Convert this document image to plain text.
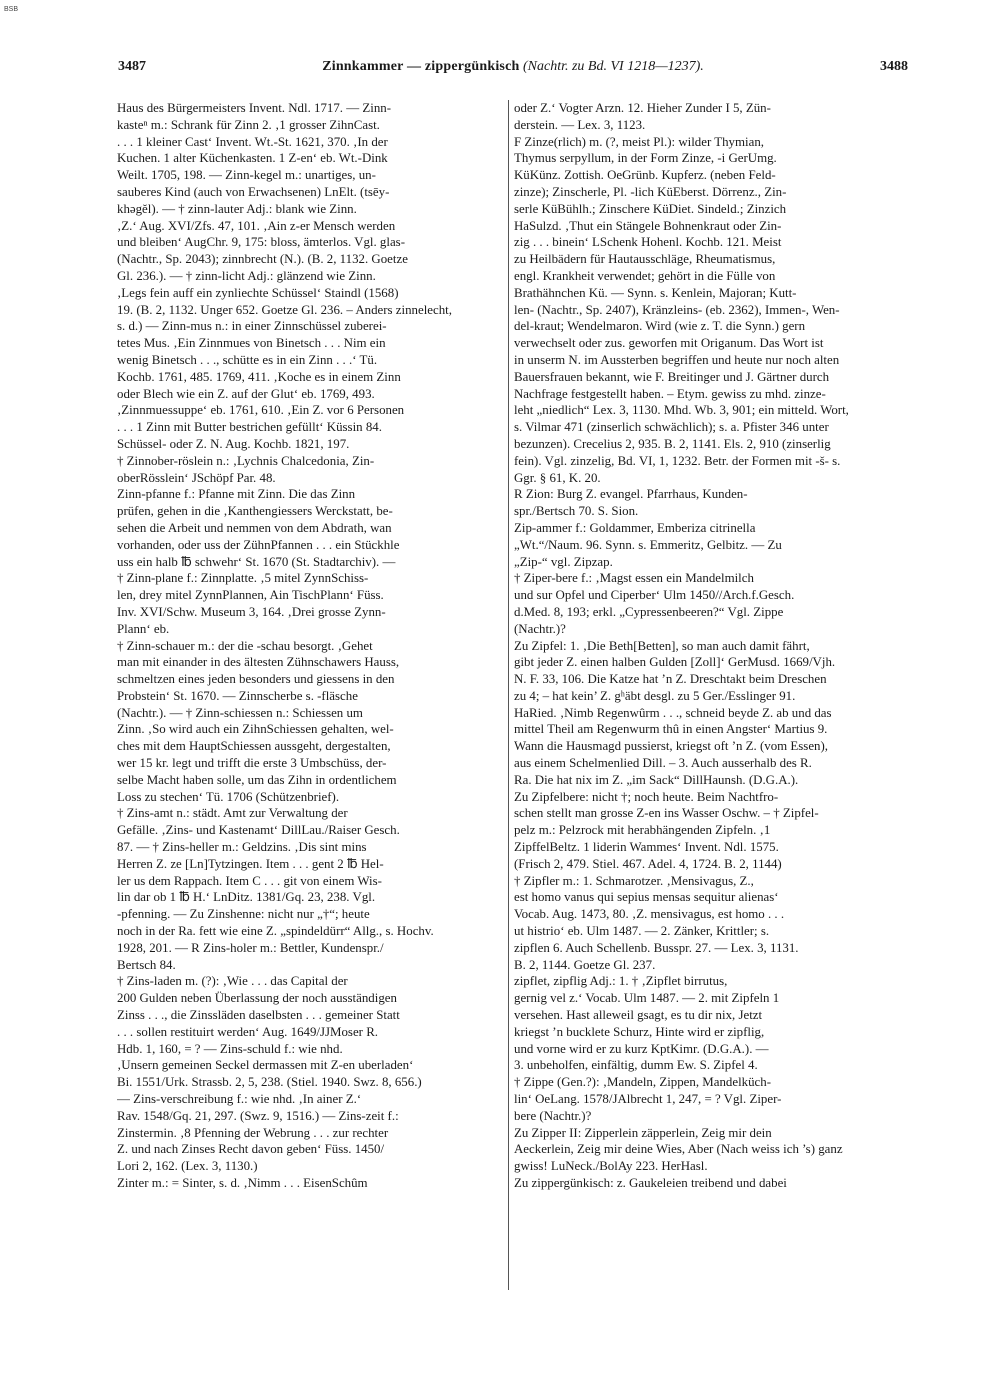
BSB
3487	Zinnkammer — zippergünkisch (Nachtr. zu Bd. VI 1218—1237).	3488
Haus des Bürgermeisters Invent. Ndl. 1717. — Zinn-
kasteⁿ m.: Schrank für Zinn 2. ‚1 grosser ZihnCast.
. . . 1 kleiner Cast‘ Invent. Wt.-St. 1621, 370. ‚In der
Kuchen. 1 alter Küchenkasten. 1 Z-en‘ eb. Wt.-Dink
Weilt. 1705, 198. — Zinn-kegel m.: unartiges, un-
sauberes Kind (auch von Erwachsenen) LnElt. (tsēy-
khəgĕl). — † zinn-lauter Adj.: blank wie Zinn.
‚Z.‘ Aug. XVI/Zfs. 47, 101. ‚Ain z-er Mensch werden
und bleiben‘ AugChr. 9, 175: bloss, ämterlos. Vgl. glas-
(Nachtr., Sp. 2043); zinnbrecht (N.). (B. 2, 1132. Goetze
Gl. 236.). — † zinn-licht Adj.: glänzend wie Zinn.
‚Legs fein auff ein zynliechte Schüssel‘ Staindl (1568)
19. (B. 2, 1132. Unger 652. Goetze Gl. 236. – Anders zinnelecht,
s. d.) — Zinn-mus n.: in einer Zinnschüssel zuberei-
tetes Mus. ‚Ein Zinnmues von Binetsch . . . Nim ein
wenig Binetsch . . ., schütte es in ein Zinn . . .‘ Tü.
Kochb. 1761, 485. 1769, 411. ‚Koche es in einem Zinn
oder Blech wie ein Z. auf der Glut‘ eb. 1769, 493.
‚Zinnmuessuppe‘ eb. 1761, 610. ‚Ein Z. vor 6 Personen
. . . 1 Zinn mit Butter bestrichen gefüllt‘ Küssin 84.
Schüssel- oder Z. N. Aug. Kochb. 1821, 197.
† Zinnober-röslein n.: ‚Lychnis Chalcedonia, Zin-
oberRösslein‘ JSchöpf Par. 48.
Zinn-pfanne f.: Pfanne mit Zinn. Die das Zinn
prüfen, gehen in die ‚Kanthengiessers Werckstatt, be-
sehen die Arbeit und nemmen von dem Abdrath, wan
vorhanden, oder uss der ZühnPfannen . . . ein Stückhle
uss ein halb ℔ schwehr‘ St. 1670 (St. Stadtarchiv). —
† Zinn-plane f.: Zinnplatte. ‚5 mitel ZynnSchiss-
len, drey mitel ZynnPlannen, Ain TischPlann‘ Füss.
Inv. XVI/Schw. Museum 3, 164. ‚Drei grosse Zynn-
Plann‘ eb.
† Zinn-schauer m.: der die -schau besorgt. ‚Gehet
man mit einander in des ältesten Zühnschawers Hauss,
schmeltzen eines jeden besonders und giessens in den
Probstein‘ St. 1670. — Zinnscherbe s. -fläsche
(Nachtr.). — † Zinn-schiessen n.: Schiessen um
Zinn. ‚So wird auch ein ZihnSchiessen gehalten, wel-
ches mit dem HauptSchiessen aussgeht, dergestalten,
wer 15 kr. legt und trifft die erste 3 Umbschüss, der-
selbe Macht haben solle, um das Zihn in ordentlichem
Loss zu stechen‘ Tü. 1706 (Schützenbrief).
† Zins-amt n.: städt. Amt zur Verwaltung der
Gefälle. ‚Zins- und Kastenamt‘ DillLau./Raiser Gesch.
87. — † Zins-heller m.: Geldzins. ‚Dis sint mins
Herren Z. ze [Ln]Tytzingen. Item . . . gent 2 ℔ Hel-
ler us dem Rappach. Item C . . . git von einem Wis-
lin dar ob 1 ℔ H.‘ LnDitz. 1381/Gq. 23, 238. Vgl.
-pfenning. — Zu Zinshenne: nicht nur „†“; heute
noch in der Ra. fett wie eine Z. „spindeldürr“ Allg., s. Hochv.
1928, 201. — R Zins-holer m.: Bettler, Kundenspr./
Bertsch 84.
† Zins-laden m. (?): ‚Wie . . . das Capital der
200 Gulden neben Überlassung der noch ausständigen
Zinss . . ., die Zinssläden daselbsten . . . gemeiner Statt
. . . sollen restituirt werden‘ Aug. 1649/JJMoser R.
Hdb. 1, 160, = ? — Zins-schuld f.: wie nhd.
‚Unsern gemeinen Seckel dermassen mit Z-en uberladen‘
Bi. 1551/Urk. Strassb. 2, 5, 238. (Stiel. 1940. Swz. 8, 656.)
— Zins-verschreibung f.: wie nhd. ‚In ainer Z.‘
Rav. 1548/Gq. 21, 297. (Swz. 9, 1516.) — Zins-zeit f.:
Zinstermin. ‚8 Pfenning der Webrung . . . zur rechter
Z. und nach Zinses Recht davon geben‘ Füss. 1450/
Lori 2, 162. (Lex. 3, 1130.)
Zinter m.: = Sinter, s. d. ‚Nimm . . . EisenSchûm
oder Z.‘ Vogter Arzn. 12. Hieher Zunder I 5, Zün-
derstein. — Lex. 3, 1123.
F Zinze(rlich) m. (?, meist Pl.): wilder Thymian,
Thymus serpyllum, in der Form Zinze, -i GerUmg.
KüKünz. Zottish. OeGrünb. Kupferz. (neben Feld-
zinze); Zinscherle, Pl. -lich KüEberst. Dörrenz., Zin-
serle KüBühlh.; Zinschere KüDiet. Sindeld.; Zinzich
HaSulzd. ‚Thut ein Stängele Bohnenkraut oder Zin-
zig . . . binein‘ LSchenk Hohenl. Kochb. 121. Meist
zu Heilbädern für Hautausschläge, Rheumatismus,
engl. Krankheit verwendet; gehört in die Fülle von
Brathähnchen Kü. — Synn. s. Kenlein, Majoran; Kutt-
len- (Nachtr., Sp. 2407), Kränzleins- (eb. 2362), Immen-, Wen-
del-kraut; Wendelmaron. Wird (wie z. T. die Synn.) gern
verwechselt oder zus. geworfen mit Origanum. Das Wort ist
in unserm N. im Aussterben begriffen und heute nur noch alten
Bauersfrauen bekannt, wie F. Breitinger und J. Gärtner durch
Nachfrage festgestellt haben. – Etym. gewiss zu mhd. zinze-
leht „niedlich“ Lex. 3, 1130. Mhd. Wb. 3, 901; ein mitteld. Wort,
s. Vilmar 471 (zinserlich schwächlich); s. a. Pfister 346 unter
bezunzen). Crecelius 2, 935. B. 2, 1141. Els. 2, 910 (zinserlig
fein). Vgl. zinzelig, Bd. VI, 1, 1232. Betr. der Formen mit -š- s.
Ggr. § 61, K. 20.
R Zion: Burg Z. evangel. Pfarrhaus, Kunden-
spr./Bertsch 70. S. Sion.
Zip-ammer f.: Goldammer, Emberiza citrinella
„Wt.“/Naum. 96. Synn. s. Emmeritz, Gelbitz. — Zu
„Zip-“ vgl. Zipzap.
† Ziper-bere f.: ‚Magst essen ein Mandelmilch
und sur Opfel und Ciperber‘ Ulm 1450//Arch.f.Gesch.
d.Med. 8, 193; erkl. „Cypressenbeeren?“ Vgl. Zippe
(Nachtr.)?
Zu Zipfel: 1. ‚Die Beth[Betten], so man auch damit fährt,
gibt jeder Z. einen halben Gulden [Zoll]‘ GerMusd. 1669/Vjh.
N. F. 33, 106. Die Katze hat ’n Z. Dreschtakt beim Dreschen
zu 4; – hat kein’ Z. gʰäbt desgl. zu 5 Ger./Esslinger 91.
HaRied. ‚Nimb Regenwûrm . . ., schneid beyde Z. ab und das
mittel Theil am Regenwurm thû in einen Angster‘ Martius 9.
Wann die Hausmagd pussierst, kriegst oft ’n Z. (vom Essen),
aus einem Schelmenlied Dill. – 3. Auch ausserhalb des R.
Ra. Die hat nix im Z. „im Sack“ DillHaunsh. (D.G.A.).
Zu Zipfelbere: nicht †; noch heute. Beim Nachtfro-
schen stellt man grosse Z-en ins Wasser Oschw. – † Zipfel-
pelz m.: Pelzrock mit herabhängenden Zipfeln. ‚1
ZipffelBeltz. 1 liderin Wammes‘ Invent. Ndl. 1575.
(Frisch 2, 479. Stiel. 467. Adel. 4, 1724. B. 2, 1144)
† Zipfler m.: 1. Schmarotzer. ‚Mensivagus, Z.,
est homo vanus qui sepius mensas sequitur alienas‘
Vocab. Aug. 1473, 80. ‚Z. mensivagus, est homo . . .
ut histrio‘ eb. Ulm 1487. — 2. Zänker, Krittler; s.
zipflen 6. Auch Schellenb. Busspr. 27. — Lex. 3, 1131.
B. 2, 1144. Goetze Gl. 237.
zipflet, zipflig Adj.: 1. † ‚Zipflet birrutus,
gernig vel z.‘ Vocab. Ulm 1487. — 2. mit Zipfeln 1
versehen. Hast alleweil gsagt, es tu dir nix, Jetzt
kriegst ’n bucklete Schurz, Hinte wird er zipflig,
und vorne wird er zu kurz KptKimr. (D.G.A.). —
3. unbeholfen, einfältig, dumm Ew. S. Zipfel 4.
† Zippe (Gen.?): ‚Mandeln, Zippen, Mandelküch-
lin‘ OeLang. 1578/JAlbrecht 1, 247, = ? Vgl. Ziper-
bere (Nachtr.)?
Zu Zipper II: Zipperlein zäpperlein, Zeig mir dein
Aeckerlein, Zeig mir deine Wies, Aber (Nach weiss ich ’s) ganz
gwiss! LuNeck./BolAy 223. HerHasl.
Zu zippergünkisch: z. Gaukeleien treibend und dabei
